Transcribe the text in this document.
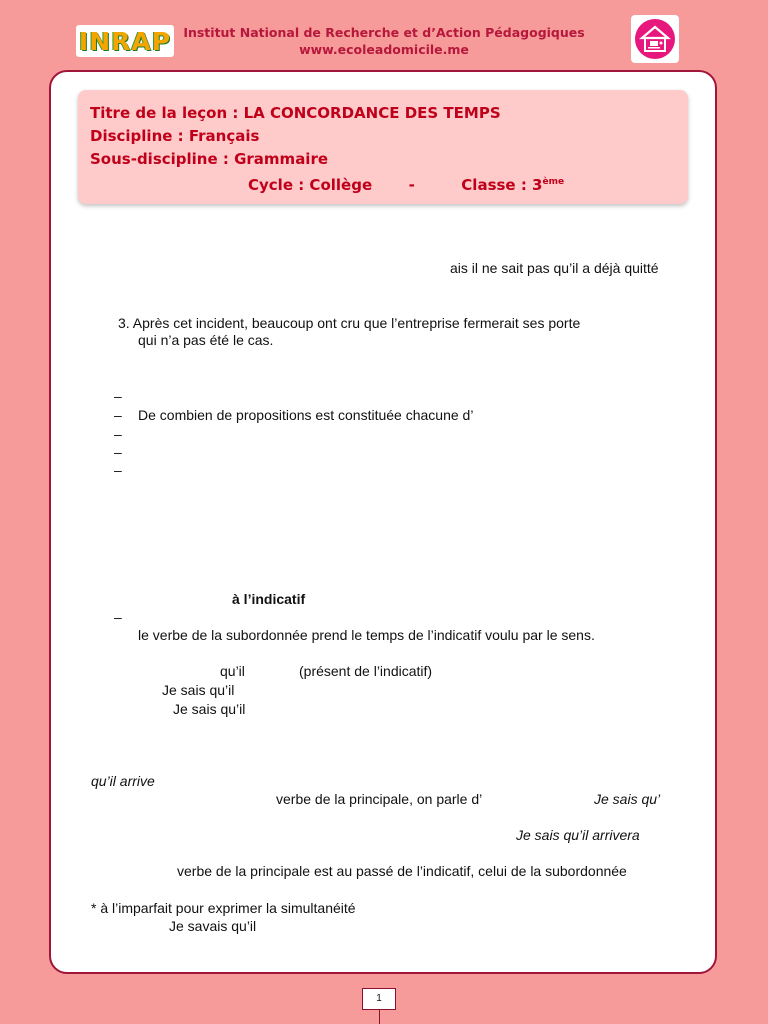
INRAP Institut National de Recherche et d’Action Pédagogiques
www.ecoleadomicile.me
Titre de la leçon : LA CONCORDANCE DES TEMPS
Discipline : Français
Sous-discipline : Grammaire
Cycle : Collège -	Classe : 3ème
ais il ne sait pas qu’il a déjà quitté
3. Après cet incident, beaucoup ont cru que l’entreprise fermerait ses porte
qui n’a pas été le cas.
–
– De combien de propositions est constituée chacune d’
–
–
–
à l’indicatif
–
le verbe de la subordonnée prend le temps de l’indicatif voulu par le sens.
qu’il	(présent de l’indicatif)
Je sais qu’il
Je sais qu’il
qu’il arrive
verbe de la principale, on parle d’	Je sais qu’
Je sais qu’il arrivera
verbe de la principale est au passé de l’indicatif, celui de la subordonnée
* à l’imparfait pour exprimer la simultanéité
Je savais qu’il
1
